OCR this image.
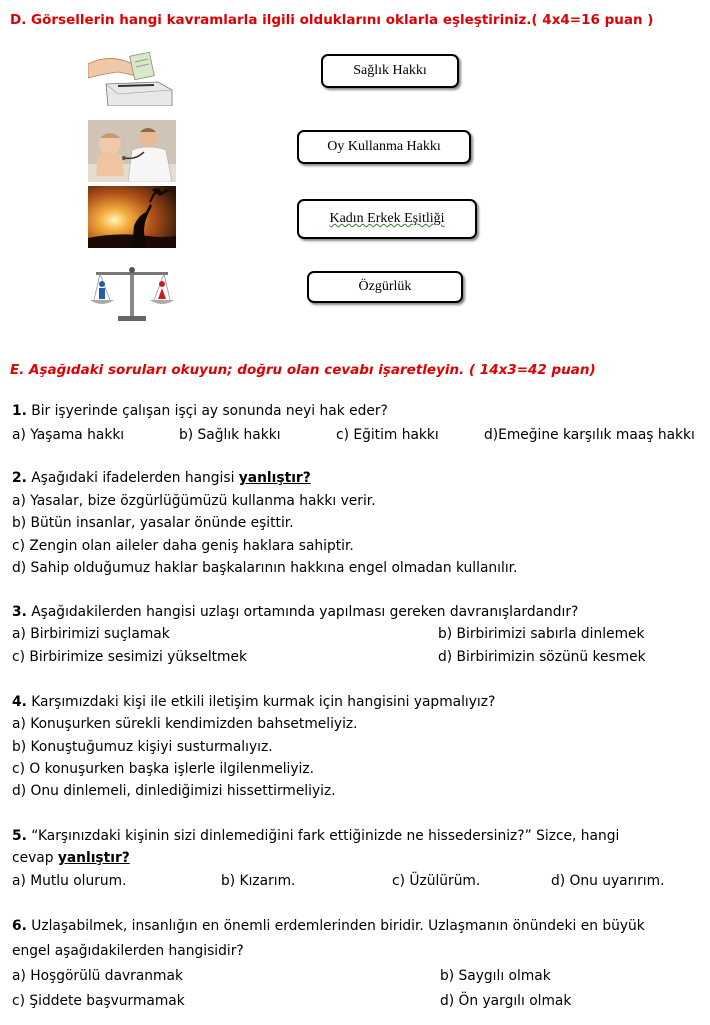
D. Görsellerin hangi kavramlarla ilgili olduklarını oklarla eşleştiriniz.( 4x4=16 puan )
Sağlık Hakkı
Oy Kullanma Hakkı
Kadın Erkek Eşitliği
Özgürlük
E. Aşağıdaki soruları okuyun; doğru olan cevabı işaretleyin. ( 14x3=42 puan)
1. Bir işyerinde çalışan işçi ay sonunda neyi hak eder?
a) Yaşama hakkı	b) Sağlık hakkı	c) Eğitim hakkı	d)Emeğine karşılık maaş hakkı
2. Aşağıdaki ifadelerden hangisi yanlıştır?
a) Yasalar, bize özgürlüğümüzü kullanma hakkı verir.
b) Bütün insanlar, yasalar önünde eşittir.
c) Zengin olan aileler daha geniş haklara sahiptir.
d) Sahip olduğumuz haklar başkalarının hakkına engel olmadan kullanılır.
3. Aşağıdakilerden hangisi uzlaşı ortamında yapılması gereken davranışlardandır?
a) Birbirimizi suçlamak	b) Birbirimizi sabırla dinlemek
c) Birbirimize sesimizi yükseltmek	d) Birbirimizin sözünü kesmek
4. Karşımızdaki kişi ile etkili iletişim kurmak için hangisini yapmalıyız?
a) Konuşurken sürekli kendimizden bahsetmeliyiz.
b) Konuştuğumuz kişiyi susturmalıyız.
c) O konuşurken başka işlerle ilgilenmeliyiz.
d) Onu dinlemeli, dinlediğimizi hissettirmeliyiz.
5. “Karşınızdaki kişinin sizi dinlemediğini fark ettiğinizde ne hissedersiniz?” Sizce, hangi
cevap yanlıştır?
a) Mutlu olurum.	b) Kızarım.	c) Üzülürüm.	d) Onu uyarırım.
6. Uzlaşabilmek, insanlığın en önemli erdemlerinden biridir. Uzlaşmanın önündeki en büyük
engel aşağıdakilerden hangisidir?
a) Hoşgörülü davranmak	b) Saygılı olmak
c) Şiddete başvurmamak	d) Ön yargılı olmak
